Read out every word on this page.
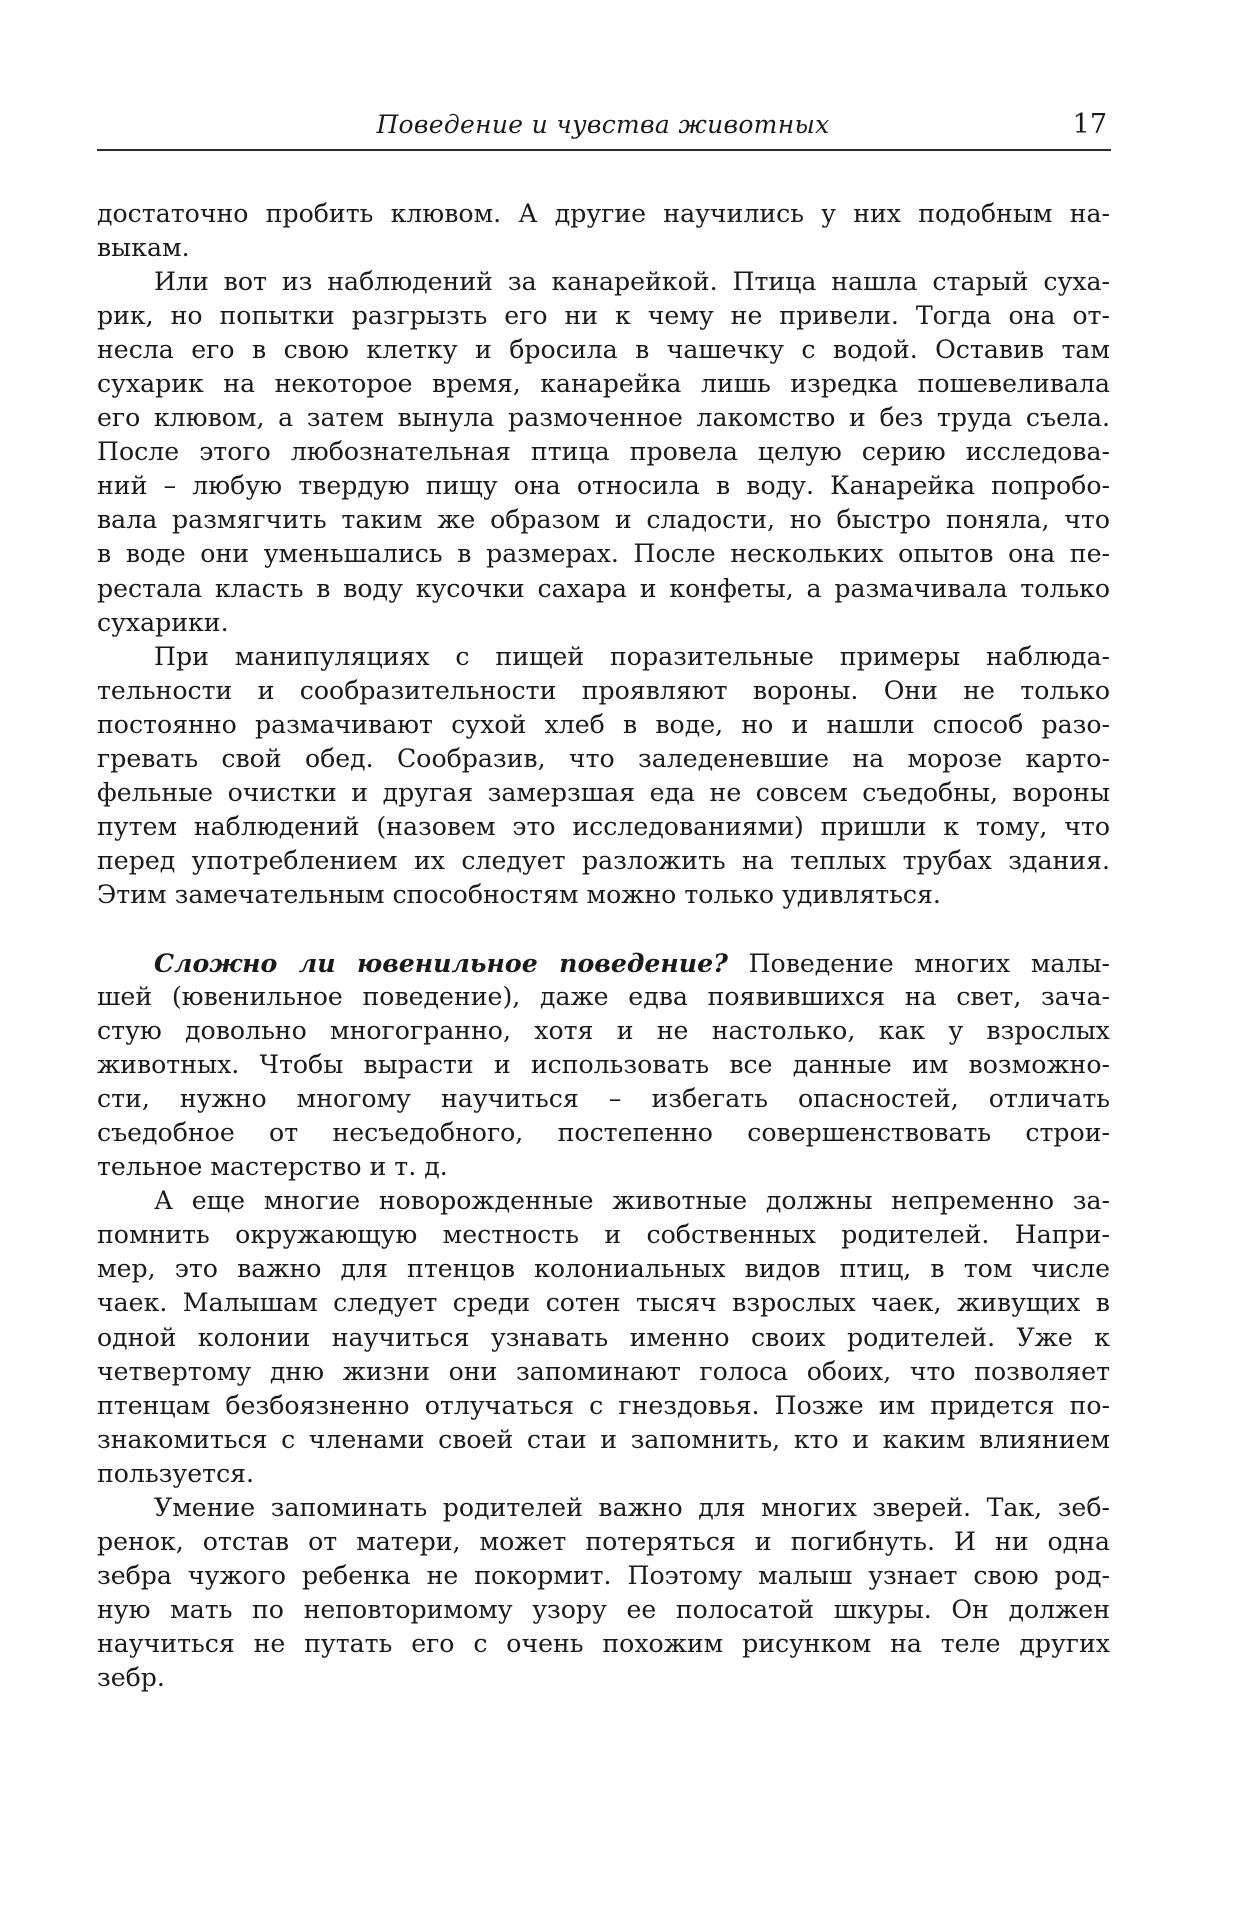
Поведение и чувства животных	17
достаточно пробить клювом. А другие научились у них подобным на-
выкам.
Или вот из наблюдений за канарейкой. Птица нашла старый суха-
рик, но попытки разгрызть его ни к чему не привели. Тогда она от-
несла его в свою клетку и бросила в чашечку с водой. Оставив там
сухарик на некоторое время, канарейка лишь изредка пошевеливала
его клювом, а затем вынула размоченное лакомство и без труда съела.
После этого любознательная птица провела целую серию исследова-
ний – любую твердую пищу она относила в воду. Канарейка попробо-
вала размягчить таким же образом и сладости, но быстро поняла, что
в воде они уменьшались в размерах. После нескольких опытов она пе-
рестала класть в воду кусочки сахара и конфеты, а размачивала только
сухарики.
При манипуляциях с пищей поразительные примеры наблюда-
тельности и сообразительности проявляют вороны. Они не только
постоянно размачивают сухой хлеб в воде, но и нашли способ разо-
гревать свой обед. Сообразив, что заледеневшие на морозе карто-
фельные очистки и другая замерзшая еда не совсем съедобны, вороны
путем наблюдений (назовем это исследованиями) пришли к тому, что
перед употреблением их следует разложить на теплых трубах здания.
Этим замечательным способностям можно только удивляться.
Сложно ли ювенильное поведение? Поведение многих малы-
шей (ювенильное поведение), даже едва появившихся на свет, зача-
стую довольно многогранно, хотя и не настолько, как у взрослых
животных. Чтобы вырасти и использовать все данные им возможно-
сти, нужно многому научиться – избегать опасностей, отличать
съедобное от несъедобного, постепенно совершенствовать строи-
тельное мастерство и т. д.
А еще многие новорожденные животные должны непременно за-
помнить окружающую местность и собственных родителей. Напри-
мер, это важно для птенцов колониальных видов птиц, в том числе
чаек. Малышам следует среди сотен тысяч взрослых чаек, живущих в
одной колонии научиться узнавать именно своих родителей. Уже к
четвертому дню жизни они запоминают голоса обоих, что позволяет
птенцам безбоязненно отлучаться с гнездовья. Позже им придется по-
знакомиться с членами своей стаи и запомнить, кто и каким влиянием
пользуется.
Умение запоминать родителей важно для многих зверей. Так, зеб-
ренок, отстав от матери, может потеряться и погибнуть. И ни одна
зебра чужого ребенка не покормит. Поэтому малыш узнает свою род-
ную мать по неповторимому узору ее полосатой шкуры. Он должен
научиться не путать его с очень похожим рисунком на теле других
зебр.
